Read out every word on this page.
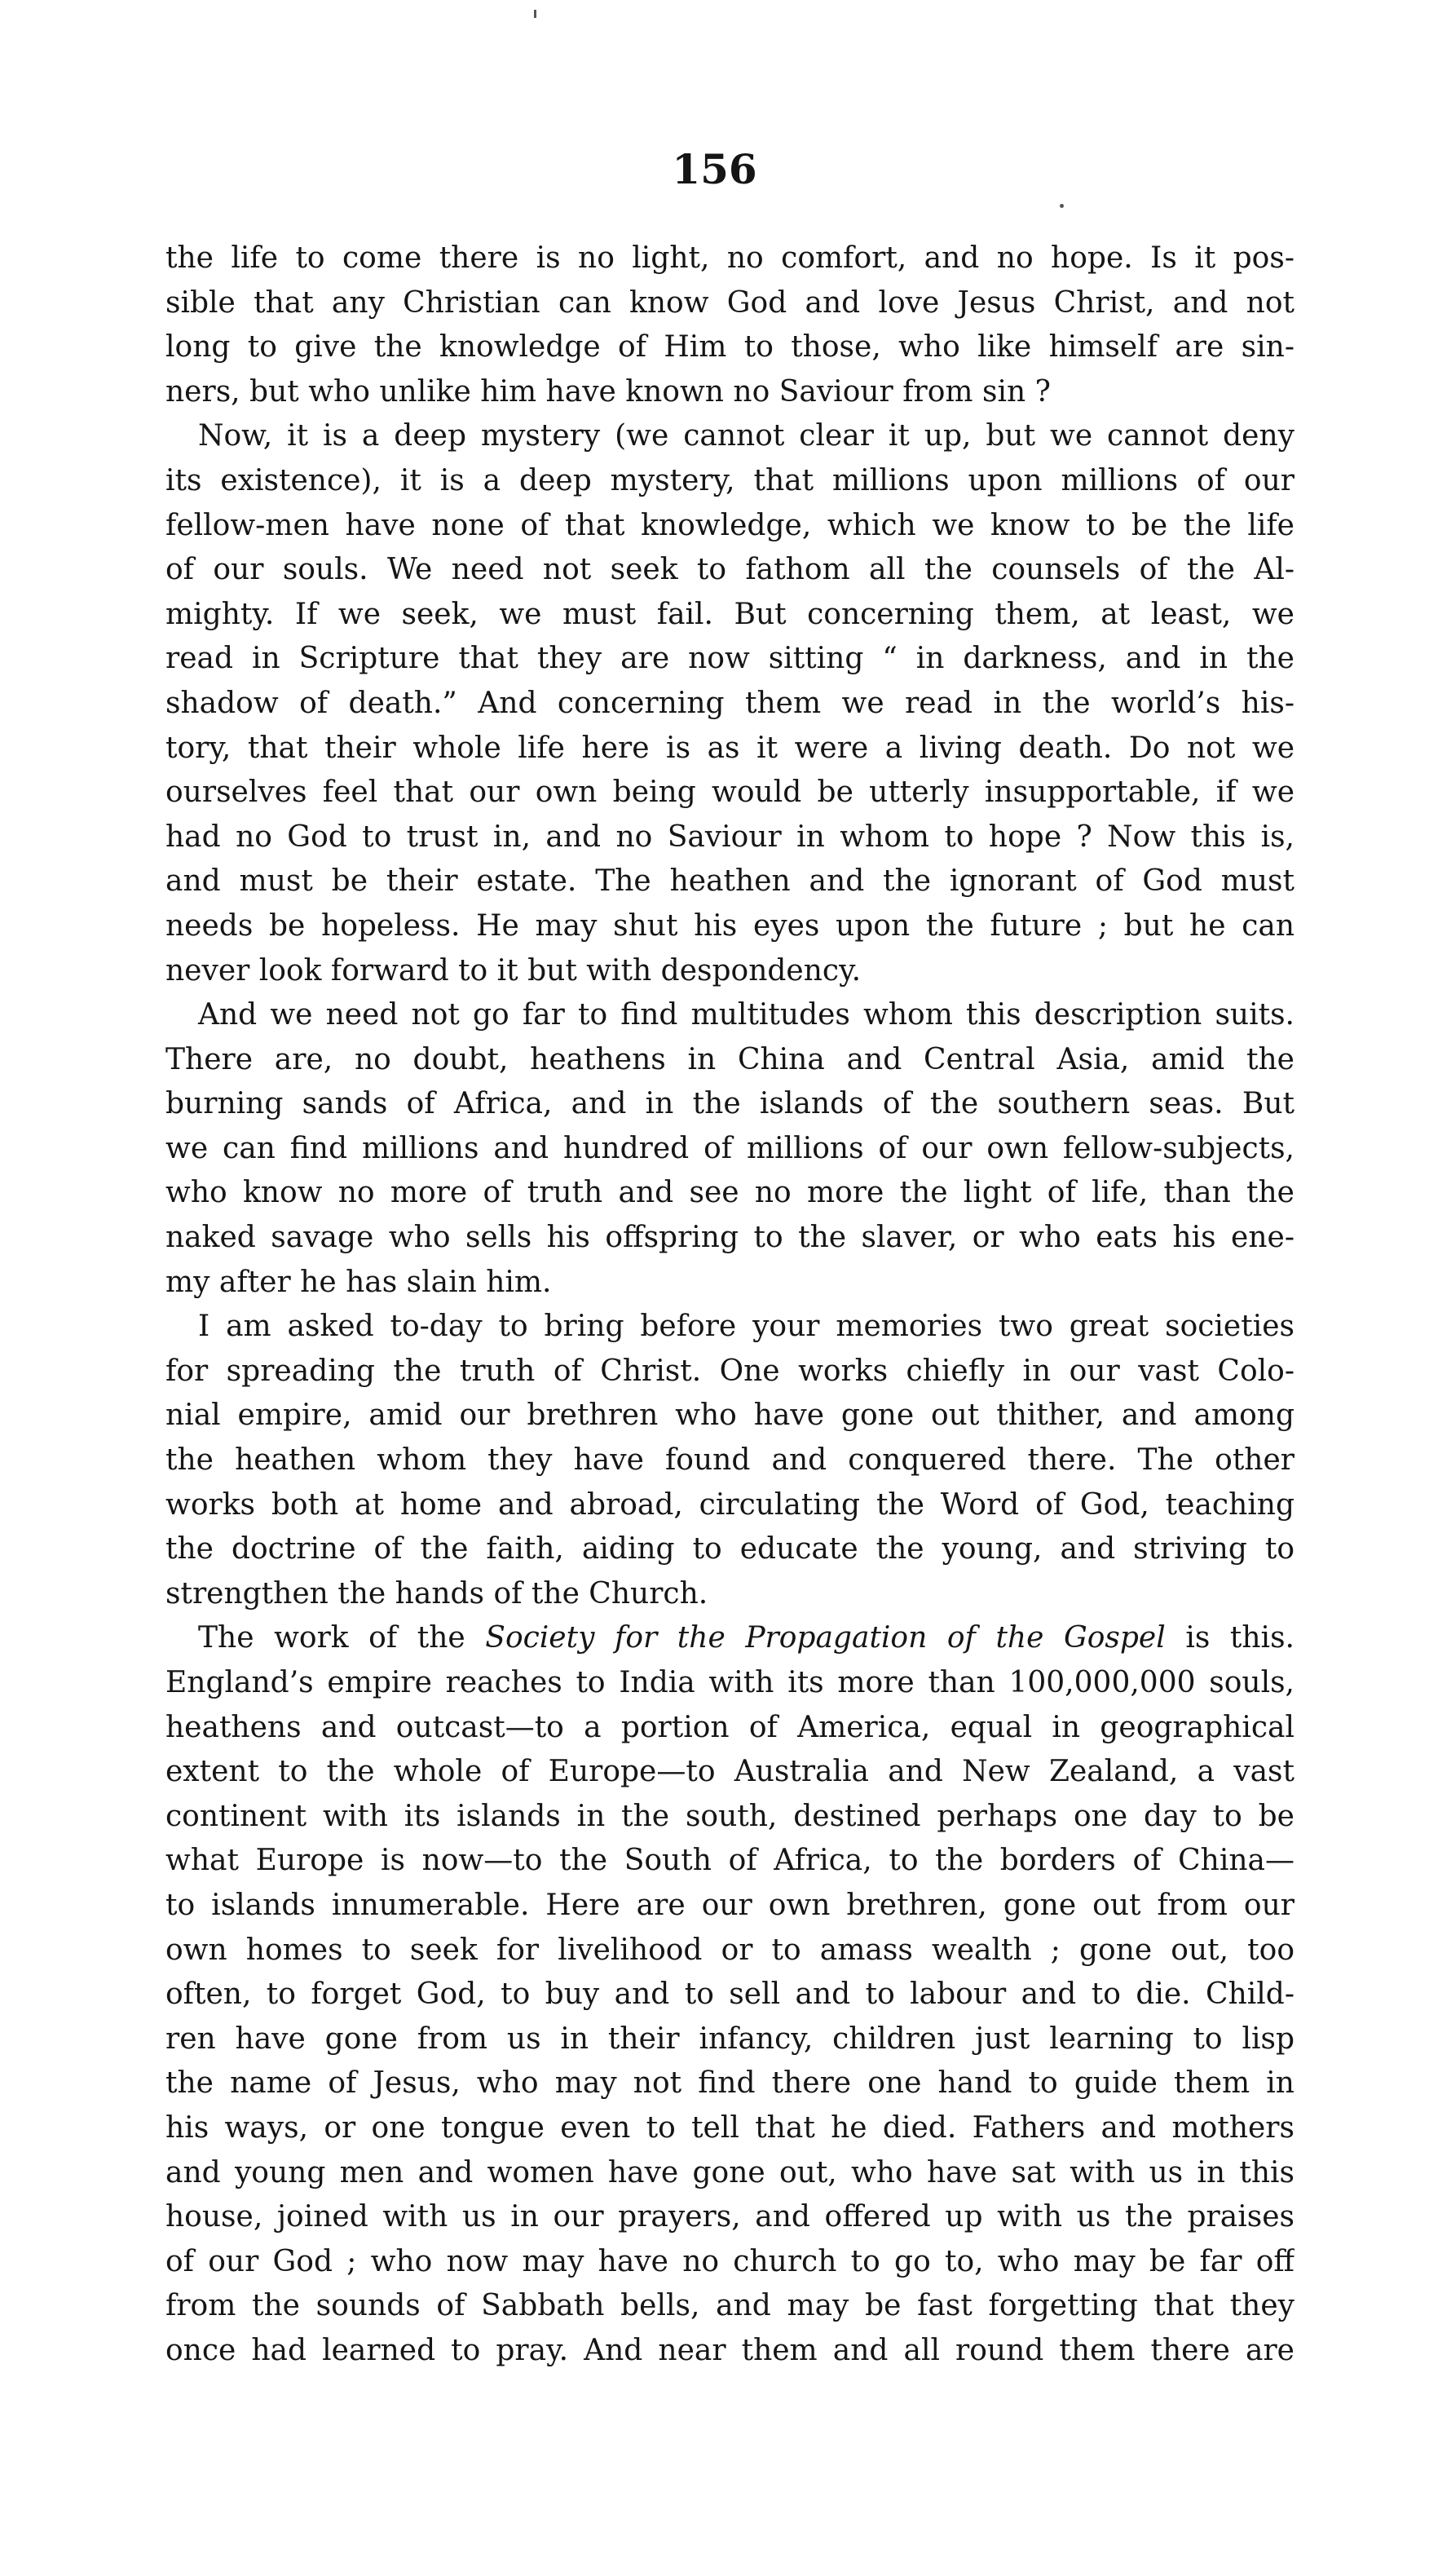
156
the life to come there is no light, no comfort, and no hope. Is it pos-
sible that any Christian can know God and love Jesus Christ, and not
long to give the knowledge of Him to those, who like himself are sin-
ners, but who unlike him have known no Saviour from sin ?
Now, it is a deep mystery (we cannot clear it up, but we cannot deny
its existence), it is a deep mystery, that millions upon millions of our
fellow-men have none of that knowledge, which we know to be the life
of our souls. We need not seek to fathom all the counsels of the Al-
mighty. If we seek, we must fail. But concerning them, at least, we
read in Scripture that they are now sitting “ in darkness, and in the
shadow of death.” And concerning them we read in the world’s his-
tory, that their whole life here is as it were a living death. Do not we
ourselves feel that our own being would be utterly insupportable, if we
had no God to trust in, and no Saviour in whom to hope ? Now this is,
and must be their estate. The heathen and the ignorant of God must
needs be hopeless. He may shut his eyes upon the future ; but he can
never look forward to it but with despondency.
And we need not go far to find multitudes whom this description suits.
There are, no doubt, heathens in China and Central Asia, amid the
burning sands of Africa, and in the islands of the southern seas. But
we can find millions and hundred of millions of our own fellow-subjects,
who know no more of truth and see no more the light of life, than the
naked savage who sells his offspring to the slaver, or who eats his ene-
my after he has slain him.
I am asked to-day to bring before your memories two great societies
for spreading the truth of Christ. One works chiefly in our vast Colo-
nial empire, amid our brethren who have gone out thither, and among
the heathen whom they have found and conquered there. The other
works both at home and abroad, circulating the Word of God, teaching
the doctrine of the faith, aiding to educate the young, and striving to
strengthen the hands of the Church.
The work of the Society for the Propagation of the Gospel is this.
England’s empire reaches to India with its more than 100,000,000 souls,
heathens and outcast—to a portion of America, equal in geographical
extent to the whole of Europe—to Australia and New Zealand, a vast
continent with its islands in the south, destined perhaps one day to be
what Europe is now—to the South of Africa, to the borders of China—
to islands innumerable. Here are our own brethren, gone out from our
own homes to seek for livelihood or to amass wealth ; gone out, too
often, to forget God, to buy and to sell and to labour and to die. Child-
ren have gone from us in their infancy, children just learning to lisp
the name of Jesus, who may not find there one hand to guide them in
his ways, or one tongue even to tell that he died. Fathers and mothers
and young men and women have gone out, who have sat with us in this
house, joined with us in our prayers, and offered up with us the praises
of our God ; who now may have no church to go to, who may be far off
from the sounds of Sabbath bells, and may be fast forgetting that they
once had learned to pray. And near them and all round them there are
